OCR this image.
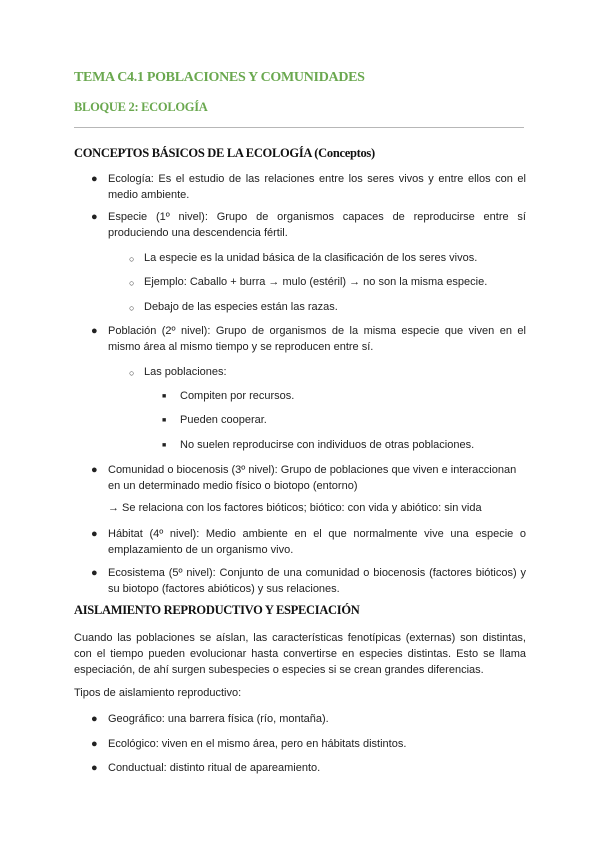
TEMA C4.1 POBLACIONES Y COMUNIDADES
BLOQUE 2: ECOLOGÍA
CONCEPTOS BÁSICOS DE LA ECOLOGÍA (Conceptos)
● Ecología: Es el estudio de las relaciones entre los seres vivos y entre ellos con el medio ambiente.
● Especie (1º nivel): Grupo de organismos capaces de reproducirse entre sí produciendo una descendencia fértil.
○ La especie es la unidad básica de la clasificación de los seres vivos.
○ Ejemplo: Caballo + burra → mulo (estéril) → no son la misma especie.
○ Debajo de las especies están las razas.
● Población (2º nivel): Grupo de organismos de la misma especie que viven en el mismo área al mismo tiempo y se reproducen entre sí.
○ Las poblaciones:
■ Compiten por recursos.
■ Pueden cooperar.
■ No suelen reproducirse con individuos de otras poblaciones.
● Comunidad o biocenosis (3º nivel): Grupo de poblaciones que viven e interaccionan en un determinado medio físico o biotopo (entorno)
→ Se relaciona con los factores bióticos; biótico: con vida y abiótico: sin vida
● Hábitat (4º nivel): Medio ambiente en el que normalmente vive una especie o emplazamiento de un organismo vivo.
● Ecosistema (5º nivel): Conjunto de una comunidad o biocenosis (factores bióticos) y su biotopo (factores abióticos) y sus relaciones.
AISLAMIENTO REPRODUCTIVO Y ESPECIACIÓN
Cuando las poblaciones se aíslan, las características fenotípicas (externas) son distintas, con el tiempo pueden evolucionar hasta convertirse en especies distintas. Esto se llama especiación, de ahí surgen subespecies o especies si se crean grandes diferencias.
Tipos de aislamiento reproductivo:
● Geográfico: una barrera física (río, montaña).
● Ecológico: viven en el mismo área, pero en hábitats distintos.
● Conductual: distinto ritual de apareamiento.
